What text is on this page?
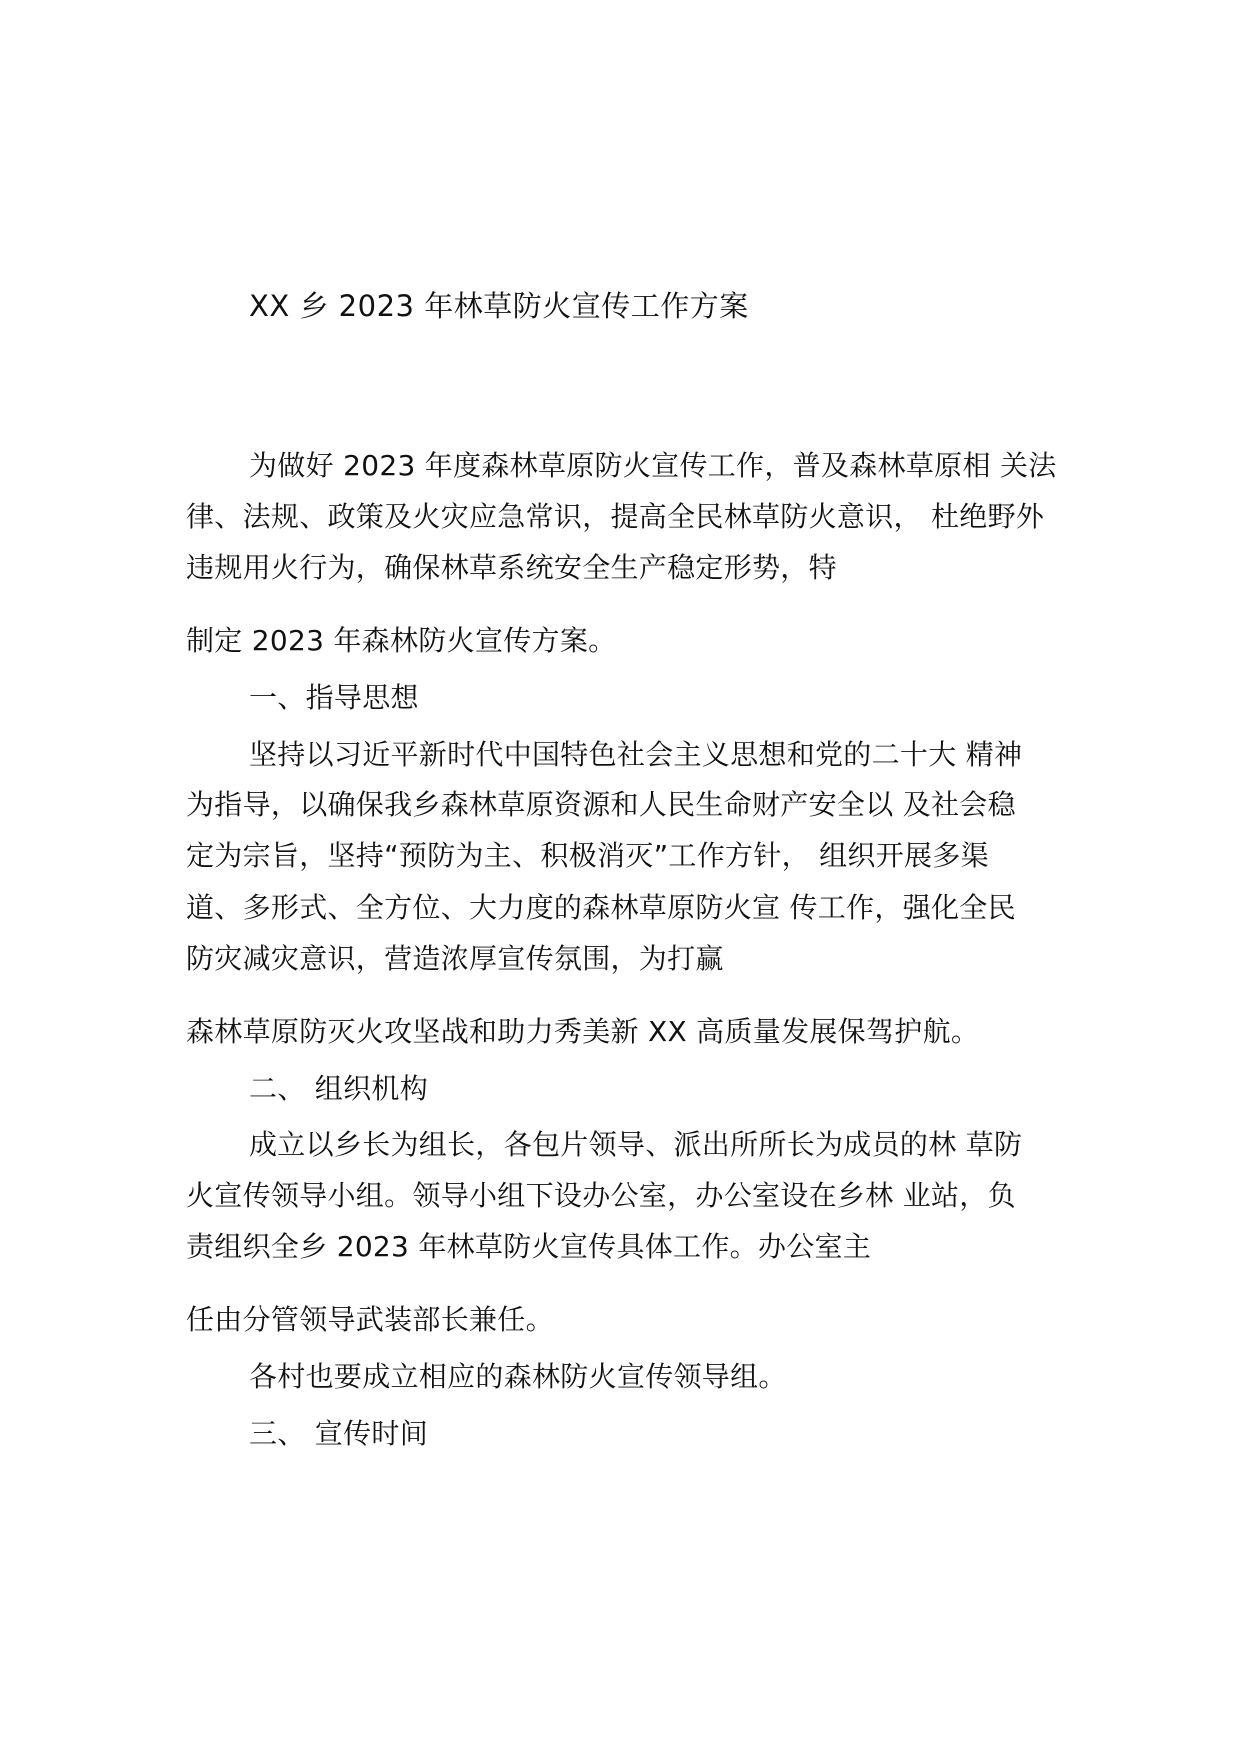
XX 乡 2023 年林草防火宣传工作方案
为做好 2023 年度森林草原防火宣传工作，普及森林草原相 关法
律、法规、政策及火灾应急常识，提高全民林草防火意识， 杜绝野外
违规用火行为，确保林草系统安全生产稳定形势，特
制定 2023 年森林防火宣传方案。
一、指导思想
坚持以习近平新时代中国特色社会主义思想和党的二十大 精神
为指导，以确保我乡森林草原资源和人民生命财产安全以 及社会稳
定为宗旨，坚持“预防为主、积极消灭”工作方针， 组织开展多渠
道、多形式、全方位、大力度的森林草原防火宣 传工作，强化全民
防灾减灾意识，营造浓厚宣传氛围，为打赢
森林草原防灭火攻坚战和助力秀美新 XX 高质量发展保驾护航。
二、 组织机构
成立以乡长为组长，各包片领导、派出所所长为成员的林 草防
火宣传领导小组。领导小组下设办公室，办公室设在乡林 业站，负
责组织全乡 2023 年林草防火宣传具体工作。办公室主
任由分管领导武装部长兼任。
各村也要成立相应的森林防火宣传领导组。
三、 宣传时间
